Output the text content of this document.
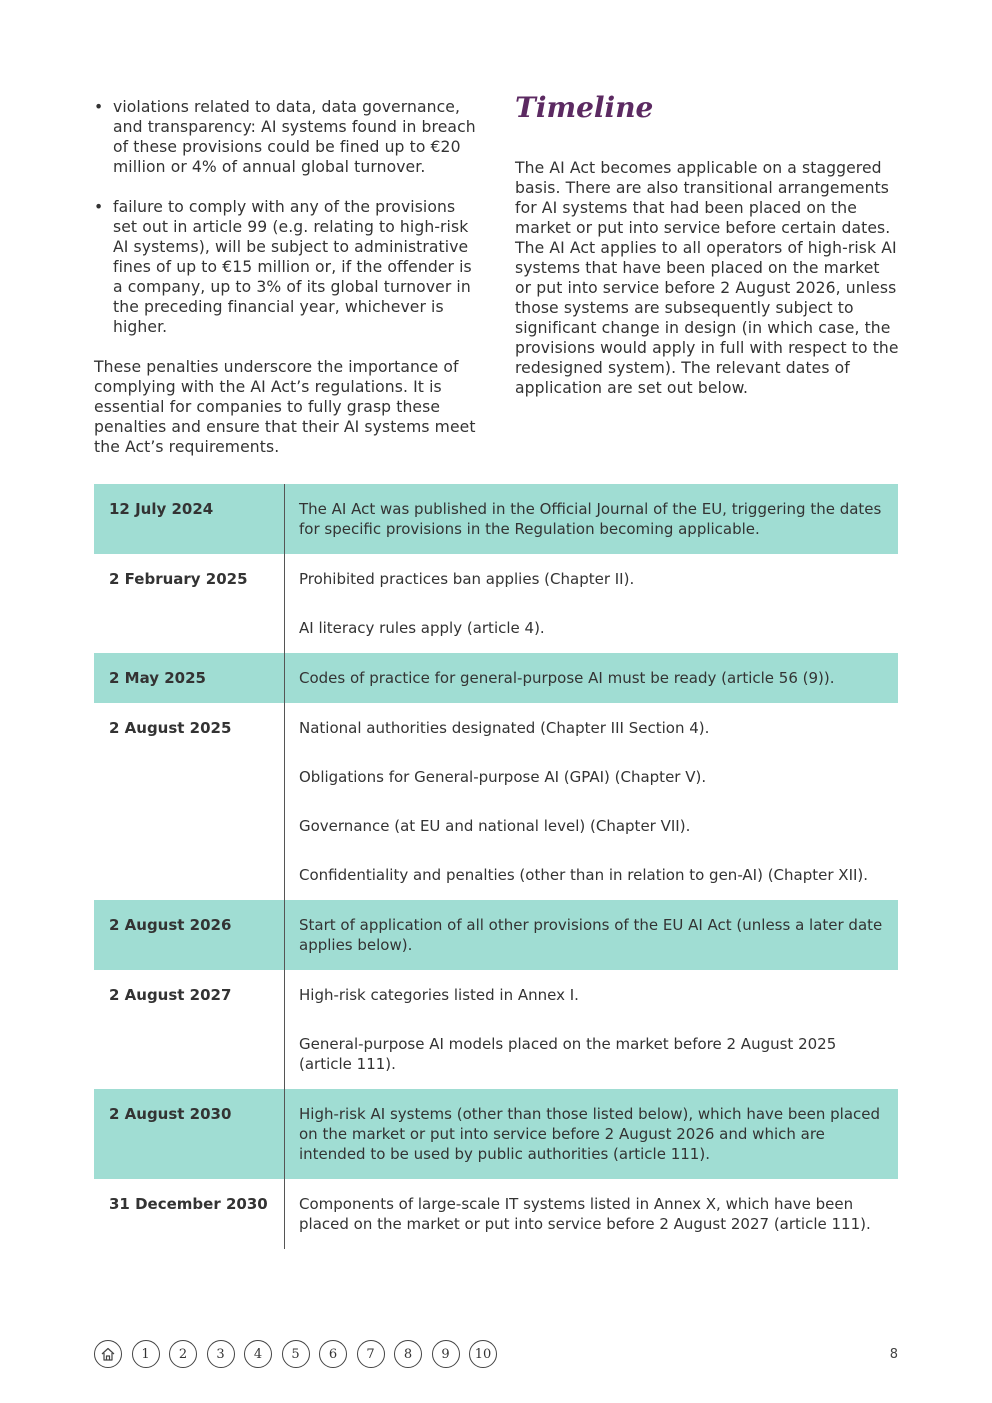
• violations related to data, data governance, and transparency: AI systems found in breach of these provisions could be fined up to €20 million or 4% of annual global turnover.
• failure to comply with any of the provisions set out in article 99 (e.g. relating to high-risk AI systems), will be subject to administrative fines of up to €15 million or, if the offender is a company, up to 3% of its global turnover in the preceding financial year, whichever is higher.

These penalties underscore the importance of complying with the AI Act’s regulations. It is essential for companies to fully grasp these penalties and ensure that their AI systems meet the Act’s requirements.

Timeline

The AI Act becomes applicable on a staggered basis. There are also transitional arrangements for AI systems that had been placed on the market or put into service before certain dates. The AI Act applies to all operators of high-risk AI systems that have been placed on the market or put into service before 2 August 2026, unless those systems are subsequently subject to significant change in design (in which case, the provisions would apply in full with respect to the redesigned system). The relevant dates of application are set out below.

12 July 2024	The AI Act was published in the Official Journal of the EU, triggering the dates for specific provisions in the Regulation becoming applicable.

2 February 2025	Prohibited practices ban applies (Chapter II).

AI literacy rules apply (article 4).

2 May 2025	Codes of practice for general-purpose AI must be ready (article 56 (9)).

2 August 2025	National authorities designated (Chapter III Section 4).

Obligations for General-purpose AI (GPAI) (Chapter V).

Governance (at EU and national level) (Chapter VII).

Confidentiality and penalties (other than in relation to gen-AI) (Chapter XII).

2 August 2026	Start of application of all other provisions of the EU AI Act (unless a later date applies below).

2 August 2027	High-risk categories listed in Annex I.

General-purpose AI models placed on the market before 2 August 2025 (article 111).

2 August 2030	High-risk AI systems (other than those listed below), which have been placed on the market or put into service before 2 August 2026 and which are intended to be used by public authorities (article 111).

31 December 2030	Components of large-scale IT systems listed in Annex X, which have been placed on the market or put into service before 2 August 2027 (article 111).

1	2	3	4	5	6	7	8	9	10	8
